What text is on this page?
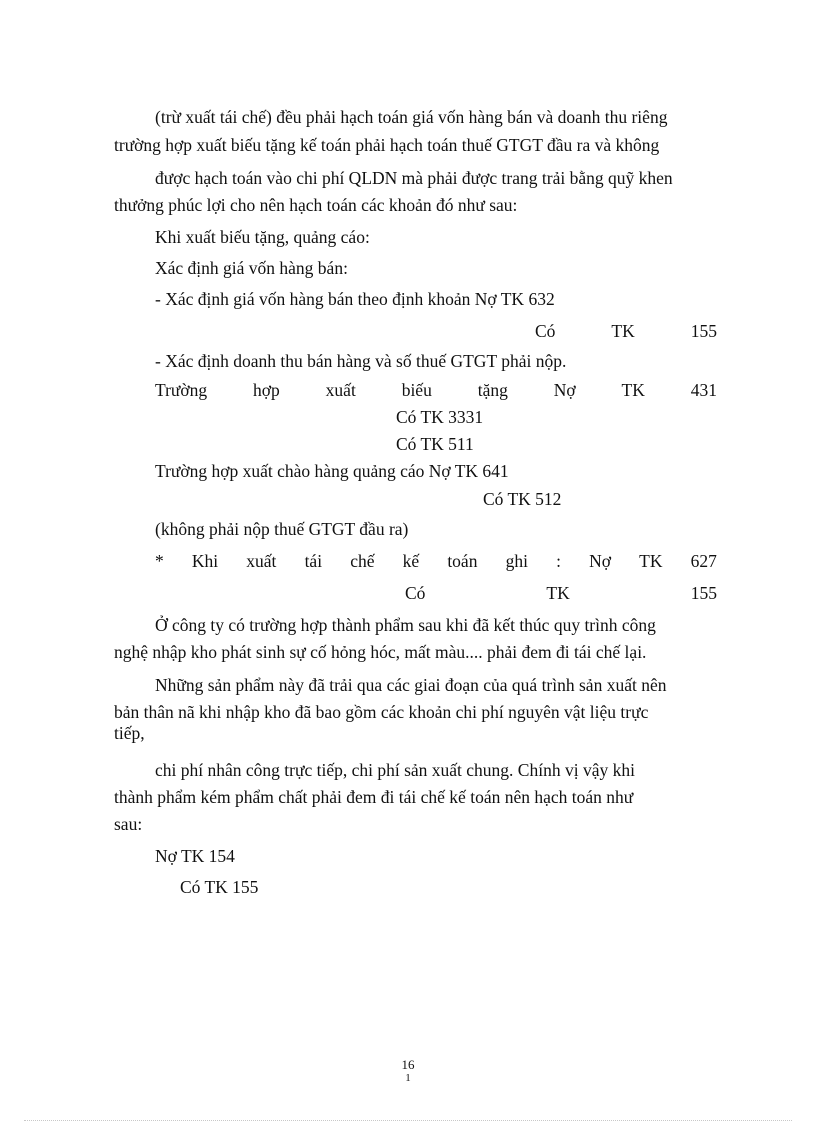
(trừ xuất tái chế) đều phải hạch toán giá vốn hàng bán và doanh thu riêng
trường hợp xuất biếu tặng kế toán phải hạch toán thuế GTGT đầu ra và không
được hạch toán vào chi phí QLDN mà phải được trang trải bằng quỹ khen
thưởng phúc lợi cho nên hạch toán các khoản đó như sau:
Khi xuất biếu tặng, quảng cáo:
Xác định giá vốn hàng bán:
- Xác định giá vốn hàng bán theo định khoản Nợ TK 632
Có	TK	155
- Xác định doanh thu bán hàng và số thuế GTGT phải nộp.
Trường	hợp	xuất	biếu	tặng	Nợ	TK	431
Có TK 3331
Có TK 511
Trường hợp xuất chào hàng quảng cáo Nợ TK 641
Có TK 512
(không phải nộp thuế GTGT đầu ra)
* Khi xuất tái chế kế toán ghi : Nợ TK 627
Có	TK	155
Ở công ty có trường hợp thành phẩm sau khi đã kết thúc quy trình công
nghệ nhập kho phát sinh sự cố hỏng hóc, mất màu.... phải đem đi tái chế lại.
Những sản phẩm này đã trải qua các giai đoạn của quá trình sản xuất nên
bản thân nã khi nhập kho đã bao gồm các khoản chi phí nguyên vật liệu trực
tiếp,
chi phí nhân công trực tiếp, chi phí sản xuất chung. Chính vị vậy khi
thành phẩm kém phẩm chất phải đem đi tái chế kế toán nên hạch toán như
sau:
Nợ TK 154
Có TK 155
16
1
